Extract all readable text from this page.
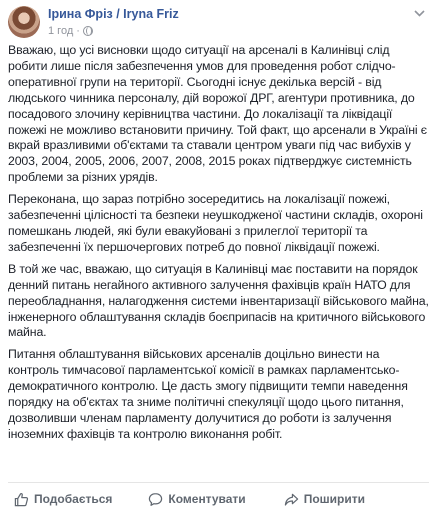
Ірина Фріз / Iryna Friz
1 год ·

Вважаю, що усі висновки щодо ситуації на арсеналі в Калинівці слід робити лише після забезпечення умов для проведення робот слідчо-оперативної групи на території. Сьогодні існує декілька версій - від людського чинника персоналу, дій ворожої ДРГ, агентури противника, до посадового злочину керівництва частини. До локалізації та ліквідації пожежі не можливо встановити причину. Той факт, що арсенали в Україні є вкрай вразливими об'єктами та ставали центром уваги під час вибухів у 2003, 2004, 2005, 2006, 2007, 2008, 2015 роках підтверджує системність проблеми за різних урядів.

Переконана, що зараз потрібно зосередитись на локалізації пожежі, забезпеченні цілісності та безпеки неушкодженої частини складів, охороні помешкань людей, які були евакуйовані з прилеглої території та забезпеченні їх першочергових потреб до повної ліквідації пожежі.

В той же час, вважаю, що ситуація в Калинівці має поставити на порядок денний питань негайного активного залучення фахівців країн НАТО для переобладнання, налагодження системи інвентаризації військового майна, інженерного облаштування складів боєприпасів на критичного військового майна.

Питання облаштування військових арсеналів доцільно винести на контроль тимчасової парламентської комісії в рамках парламентсько-демократичного контролю. Це дасть змогу підвищити темпи наведення порядку на об'єктах та зниме політичні спекуляції щодо цього питання, дозволивши членам парламенту долучитися до роботи із залучення іноземних фахівців та контролю виконання робіт.

Подобається	Коментувати	Поширити
